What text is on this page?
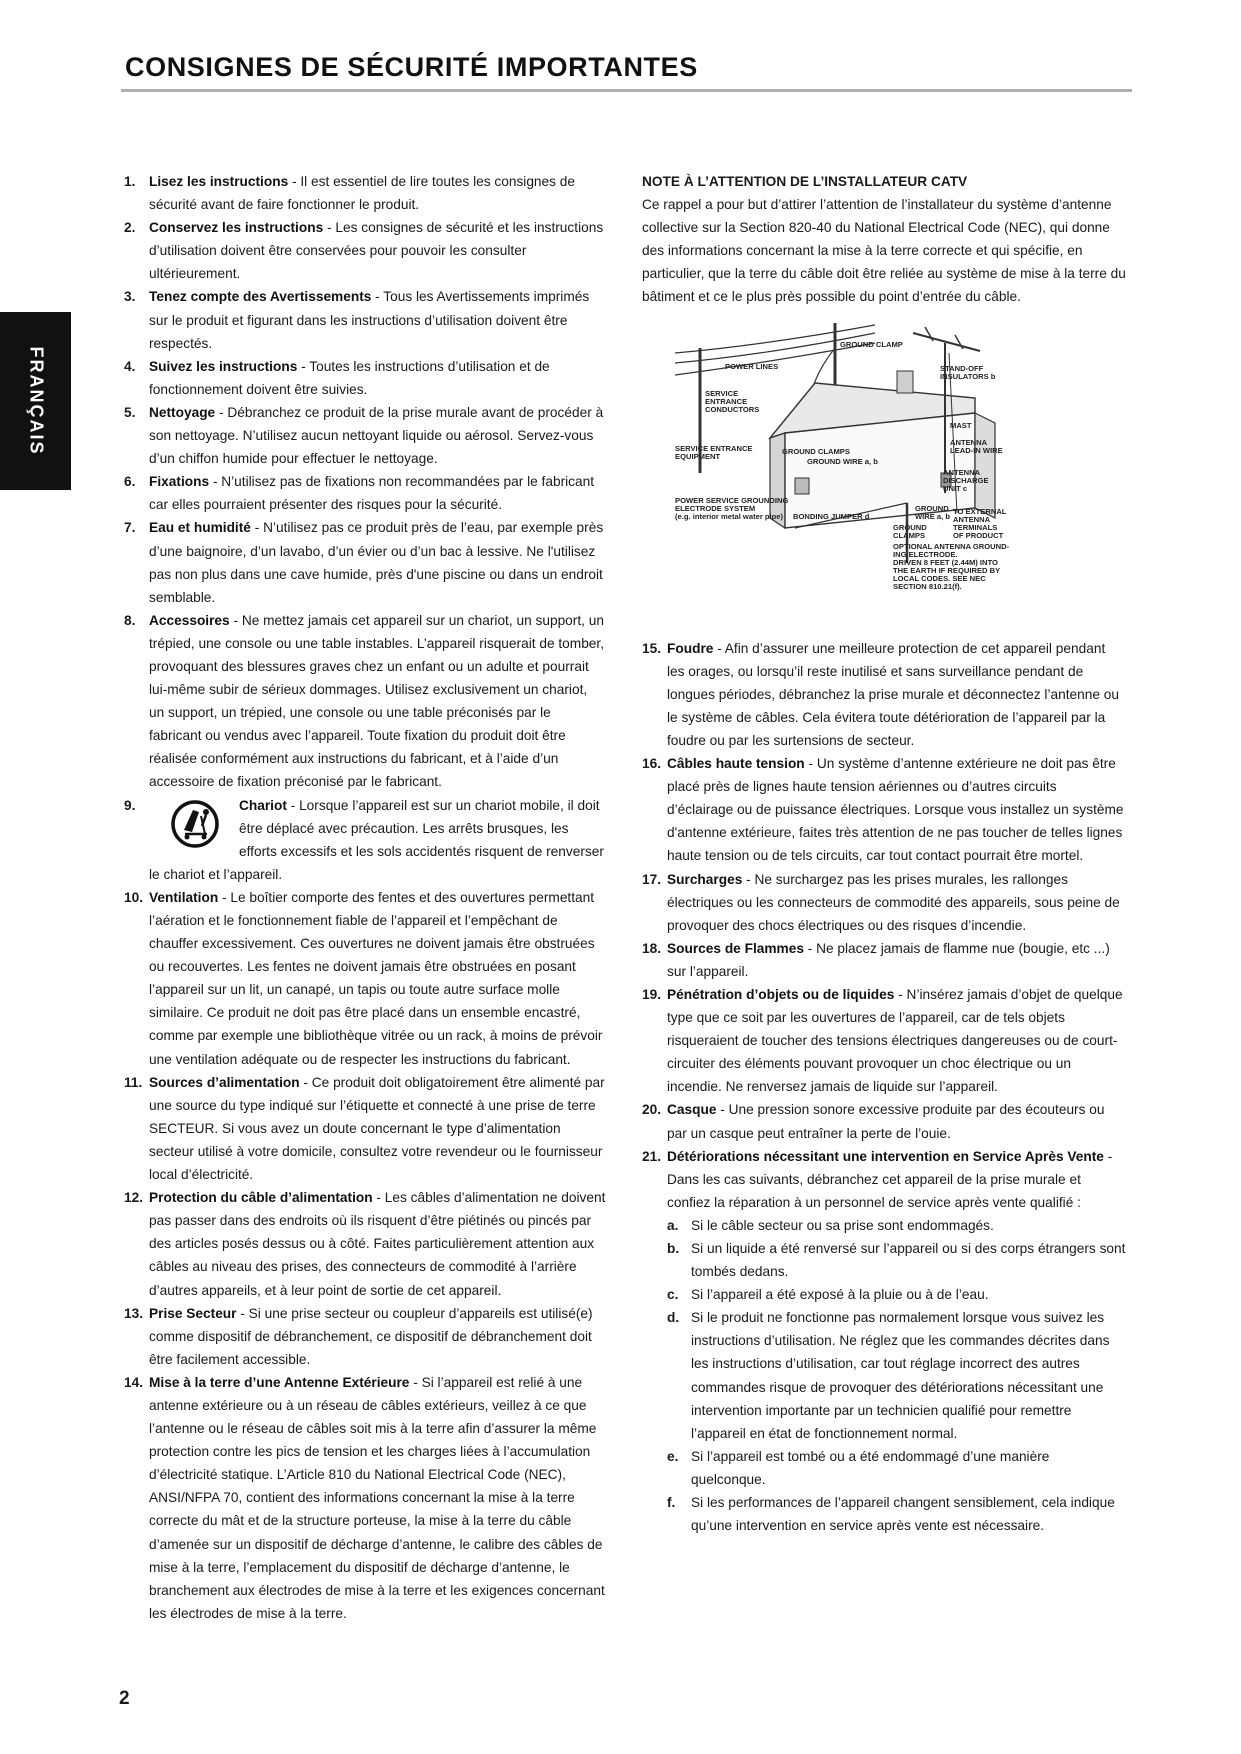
CONSIGNES DE SÉCURITÉ IMPORTANTES
FRANÇAIS

1. Lisez les instructions - Il est essentiel de lire toutes les consignes de sécurité avant de faire fonctionner le produit.

2. Conservez les instructions - Les consignes de sécurité et les instructions d’utilisation doivent être conservées pour pouvoir les consulter ultérieurement.

3. Tenez compte des Avertissements - Tous les Avertissements imprimés sur le produit et figurant dans les instructions d’utilisation doivent être respectés.

4. Suivez les instructions - Toutes les instructions d’utilisation et de fonctionnement doivent être suivies.

5. Nettoyage - Débranchez ce produit de la prise murale avant de procéder à son nettoyage. N’utilisez aucun nettoyant liquide ou aérosol. Servez-vous d’un chiffon humide pour effectuer le nettoyage.

6. Fixations - N’utilisez pas de fixations non recommandées par le fabricant car elles pourraient présenter des risques pour la sécurité.

7. Eau et humidité - N’utilisez pas ce produit près de l’eau, par exemple près d’une baignoire, d’un lavabo, d’un évier ou d’un bac à lessive. Ne l'utilisez pas non plus dans une cave humide, près d'une piscine ou dans un endroit semblable.

8. Accessoires - Ne mettez jamais cet appareil sur un chariot, un support, un trépied, une console ou une table instables. L’appareil risquerait de tomber, provoquant des blessures graves chez un enfant ou un adulte et pourrait lui-même subir de sérieux dommages. Utilisez exclusivement un chariot, un support, un trépied, une console ou une table préconisés par le fabricant ou vendus avec l’appareil. Toute fixation du produit doit être réalisée conformément aux instructions du fabricant, et à l’aide d’un accessoire de fixation préconisé par le fabricant.

9.	Chariot - Lorsque l’appareil est sur un chariot mobile, il doit être déplacé avec précaution. Les arrêts brusques, les efforts excessifs et les sols accidentés risquent de renverser le chariot et l’appareil.

10. Ventilation - Le boîtier comporte des fentes et des ouvertures permettant l’aération et le fonctionnement fiable de l’appareil et l’empêchant de chauffer excessivement. Ces ouvertures ne doivent jamais être obstruées ou recouvertes. Les fentes ne doivent jamais être obstruées en posant l’appareil sur un lit, un canapé, un tapis ou toute autre surface molle similaire. Ce produit ne doit pas être placé dans un ensemble encastré, comme par exemple une bibliothèque vitrée ou un rack, à moins de prévoir une ventilation adéquate ou de respecter les instructions du fabricant.

11. Sources d’alimentation - Ce produit doit obligatoirement être alimenté par une source du type indiqué sur l’étiquette et connecté à une prise de terre SECTEUR. Si vous avez un doute concernant le type d’alimentation secteur utilisé à votre domicile, consultez votre revendeur ou le fournisseur local d’électricité.

12. Protection du câble d’alimentation - Les câbles d’alimentation ne doivent pas passer dans des endroits où ils risquent d’être piétinés ou pincés par des articles posés dessus ou à côté. Faites particulièrement attention aux câbles au niveau des prises, des connecteurs de commodité à l’arrière d’autres appareils, et à leur point de sortie de cet appareil.

13. Prise Secteur - Si une prise secteur ou coupleur d’appareils est utilisé(e) comme dispositif de débranchement, ce dispositif de débranchement doit être facilement accessible.

14. Mise à la terre d’une Antenne Extérieure - Si l’appareil est relié à une antenne extérieure ou à un réseau de câbles extérieurs, veillez à ce que l’antenne ou le réseau de câbles soit mis à la terre afin d’assurer la même protection contre les pics de tension et les charges liées à l’accumulation d’électricité statique. L’Article 810 du National Electrical Code (NEC), ANSI/NFPA 70, contient des informations concernant la mise à la terre correcte du mât et de la structure porteuse, la mise à la terre du câble d’amenée sur un dispositif de décharge d’antenne, le calibre des câbles de mise à la terre, l’emplacement du dispositif de décharge d’antenne, le branchement aux électrodes de mise à la terre et les exigences concernant les électrodes de mise à la terre.

NOTE À L’ATTENTION DE L’INSTALLATEUR CATV

Ce rappel a pour but d’attirer l’attention de l’installateur du système d’antenne collective sur la Section 820-40 du National Electrical Code (NEC), qui donne des informations concernant la mise à la terre correcte et qui spécifie, en particulier, que la terre du câble doit être reliée au système de mise à la terre du bâtiment et ce le plus près possible du point d’entrée du câble.

GROUND CLAMP
POWER LINES	STAND-OFF
INSULATORS b
SERVICE
ENTRANCE
CONDUCTORS
MAST
ANTENNA
LEAD-IN WIRE
SERVICE ENTRANCE
EQUIPMENT
GROUND CLAMPS
GROUND WIRE a, b
ANTENNA
DISCHARGE
UNIT c
POWER SERVICE GROUNDING
ELECTRODE SYSTEM
(e.g. interior metal water pipe) BONDING JUMPER d
GROUND
WIRE a, b
TO EXTERNAL
ANTENNA
TERMINALS
OF PRODUCT
GROUND
CLAMPS
OPTIONAL ANTENNA GROUND-
ING ELECTRODE.
DRIVEN 8 FEET (2.44M) INTO
THE EARTH IF REQUIRED BY
LOCAL CODES. SEE NEC
SECTION 810.21(f).

15. Foudre - Afin d’assurer une meilleure protection de cet appareil pendant les orages, ou lorsqu’il reste inutilisé et sans surveillance pendant de longues périodes, débranchez la prise murale et déconnectez l’antenne ou le système de câbles. Cela évitera toute détérioration de l’appareil par la foudre ou par les surtensions de secteur.

16. Câbles haute tension - Un système d’antenne extérieure ne doit pas être placé près de lignes haute tension aériennes ou d’autres circuits d’éclairage ou de puissance électriques. Lorsque vous installez un système d'antenne extérieure, faites très attention de ne pas toucher de telles lignes haute tension ou de tels circuits, car tout contact pourrait être mortel.

17. Surcharges - Ne surchargez pas les prises murales, les rallonges électriques ou les connecteurs de commodité des appareils, sous peine de provoquer des chocs électriques ou des risques d’incendie.

18. Sources de Flammes - Ne placez jamais de flamme nue (bougie, etc ...) sur l’appareil.

19. Pénétration d’objets ou de liquides - N’insérez jamais d’objet de quelque type que ce soit par les ouvertures de l’appareil, car de tels objets risqueraient de toucher des tensions électriques dangereuses ou de court-circuiter des éléments pouvant provoquer un choc électrique ou un incendie. Ne renversez jamais de liquide sur l’appareil.

20. Casque - Une pression sonore excessive produite par des écouteurs ou par un casque peut entraîner la perte de l’ouie.

21. Détériorations nécessitant une intervention en Service Après Vente - Dans les cas suivants, débranchez cet appareil de la prise murale et confiez la réparation à un personnel de service après vente qualifié :

a. Si le câble secteur ou sa prise sont endommagés.

b. Si un liquide a été renversé sur l’appareil ou si des corps étrangers sont tombés dedans.

c. Si l’appareil a été exposé à la pluie ou à de l’eau.

d. Si le produit ne fonctionne pas normalement lorsque vous suivez les instructions d’utilisation. Ne réglez que les commandes décrites dans les instructions d’utilisation, car tout réglage incorrect des autres commandes risque de provoquer des détériorations nécessitant une intervention importante par un technicien qualifié pour remettre l’appareil en état de fonctionnement normal.

e. Si l’appareil est tombé ou a été endommagé d’une manière quelconque.

f. Si les performances de l’appareil changent sensiblement, cela indique qu’une intervention en service après vente est nécessaire.

2
